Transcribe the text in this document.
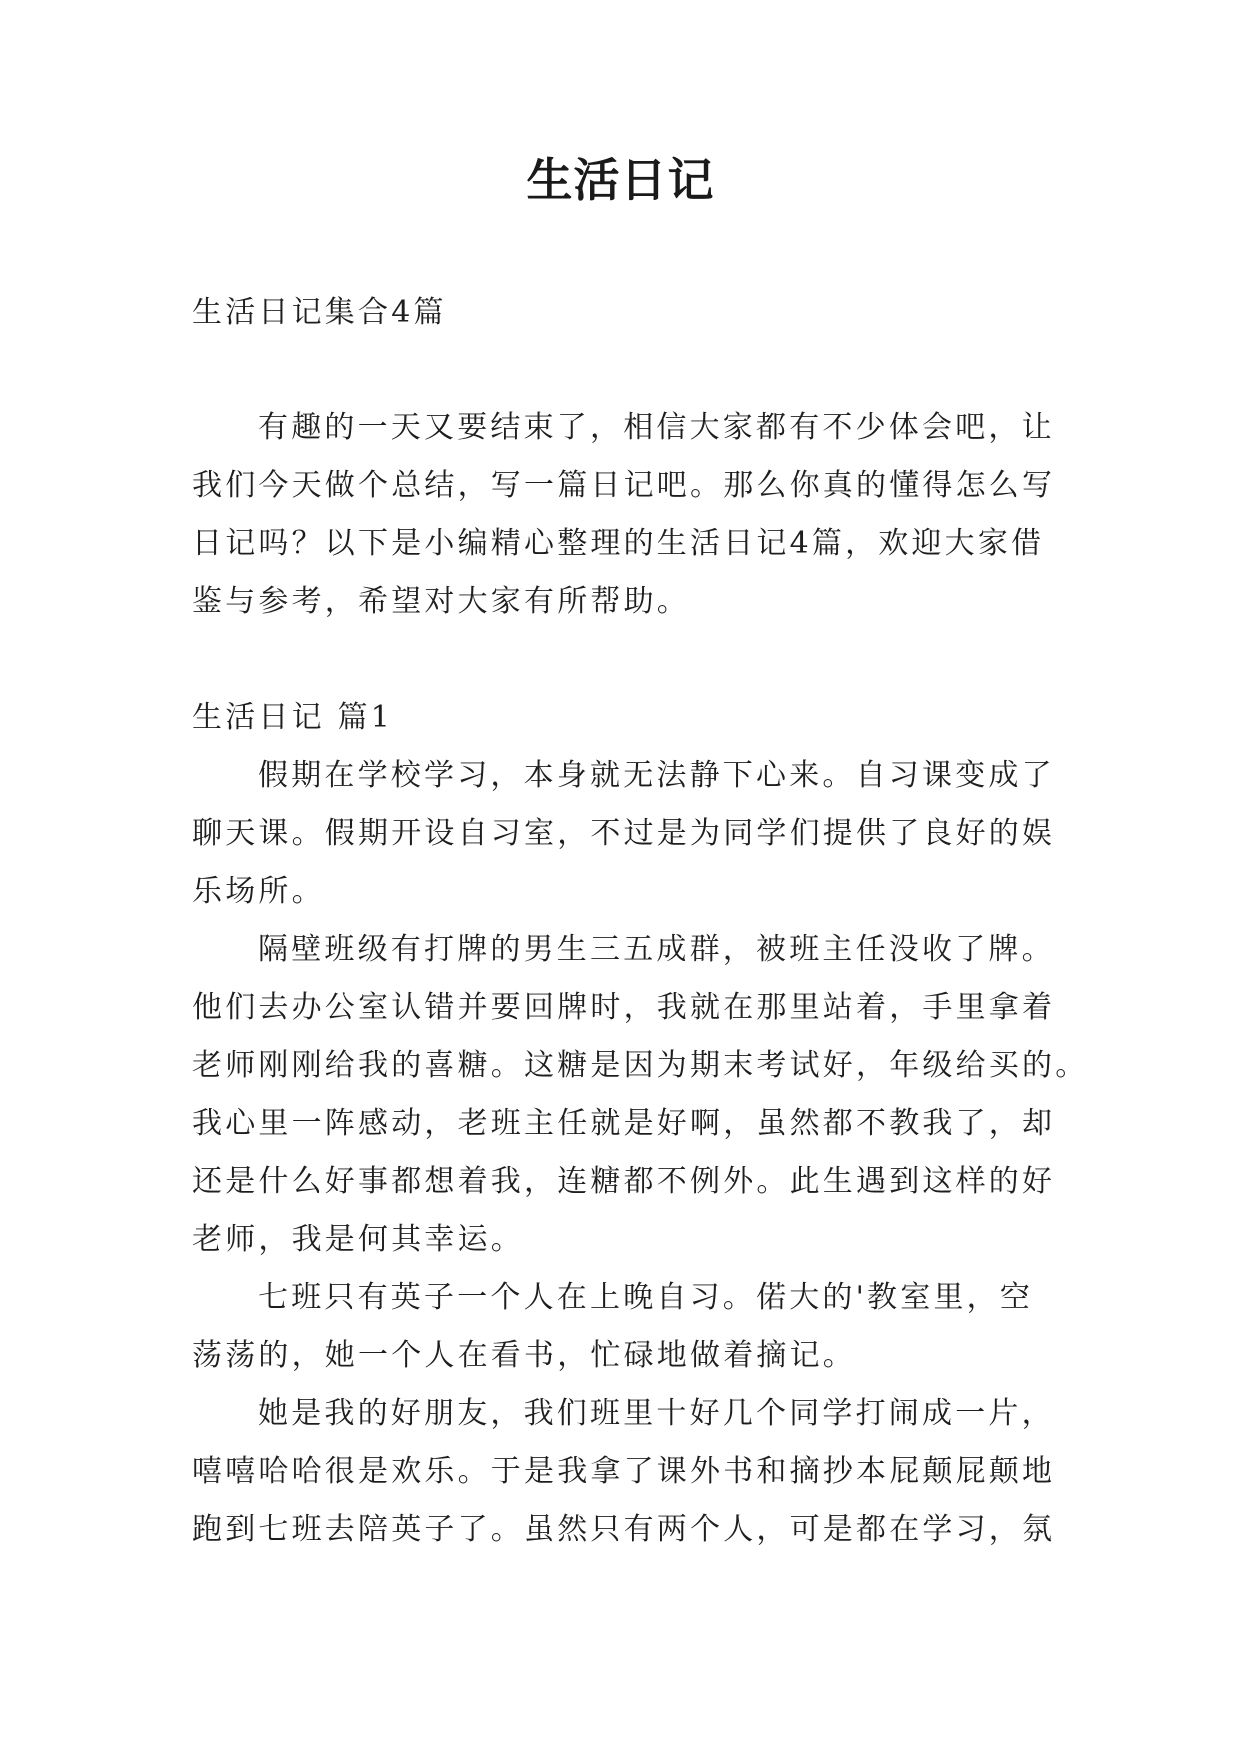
生活日记
生活日记集合4篇
有趣的一天又要结束了，相信大家都有不少体会吧，让
我们今天做个总结，写一篇日记吧。那么你真的懂得怎么写
日记吗？以下是小编精心整理的生活日记4篇，欢迎大家借
鉴与参考，希望对大家有所帮助。
生活日记 篇1
假期在学校学习，本身就无法静下心来。自习课变成了
聊天课。假期开设自习室，不过是为同学们提供了良好的娱
乐场所。
隔壁班级有打牌的男生三五成群，被班主任没收了牌。
他们去办公室认错并要回牌时，我就在那里站着，手里拿着
老师刚刚给我的喜糖。这糖是因为期末考试好，年级给买的。
我心里一阵感动，老班主任就是好啊，虽然都不教我了，却
还是什么好事都想着我，连糖都不例外。此生遇到这样的好
老师，我是何其幸运。
七班只有英子一个人在上晚自习。偌大的'教室里，空
荡荡的，她一个人在看书，忙碌地做着摘记。
她是我的好朋友，我们班里十好几个同学打闹成一片，
嘻嘻哈哈很是欢乐。于是我拿了课外书和摘抄本屁颠屁颠地
跑到七班去陪英子了。虽然只有两个人，可是都在学习，氛
